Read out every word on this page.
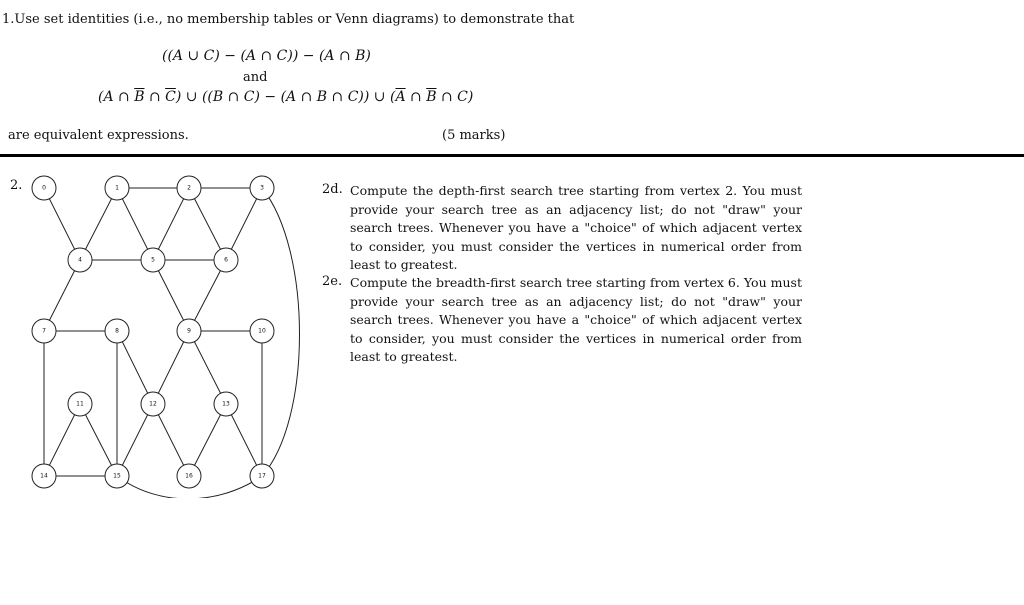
1.Use set identities (i.e., no membership tables or Venn diagrams) to demonstrate that
((A ∪ C) − (A ∩ C)) − (A ∩ B)
and
(A ∩ $\overline{B}$ ∩ $\overline{C}$) ∪ ((B ∩ C) − (A ∩ B ∩ C)) ∪ ($\overline{A}$ ∩ $\overline{B}$ ∩ C)
are equivalent expressions.	(5 marks)
2.	0	1	2	3
4	5	6
7	8	9	10
11	12	13
14	15	16	17
2d. Compute the depth-first search tree starting from vertex 2. You must provide your search tree as an adjacency list; do not "draw" your search trees. Whenever you have a "choice" of which adjacent vertex to consider, you must consider the vertices in numerical order from least to greatest.
2e. Compute the breadth-first search tree starting from vertex 6. You must provide your search tree as an adjacency list; do not "draw" your search trees. Whenever you have a "choice" of which adjacent vertex to consider, you must consider the vertices in numerical order from least to greatest.
